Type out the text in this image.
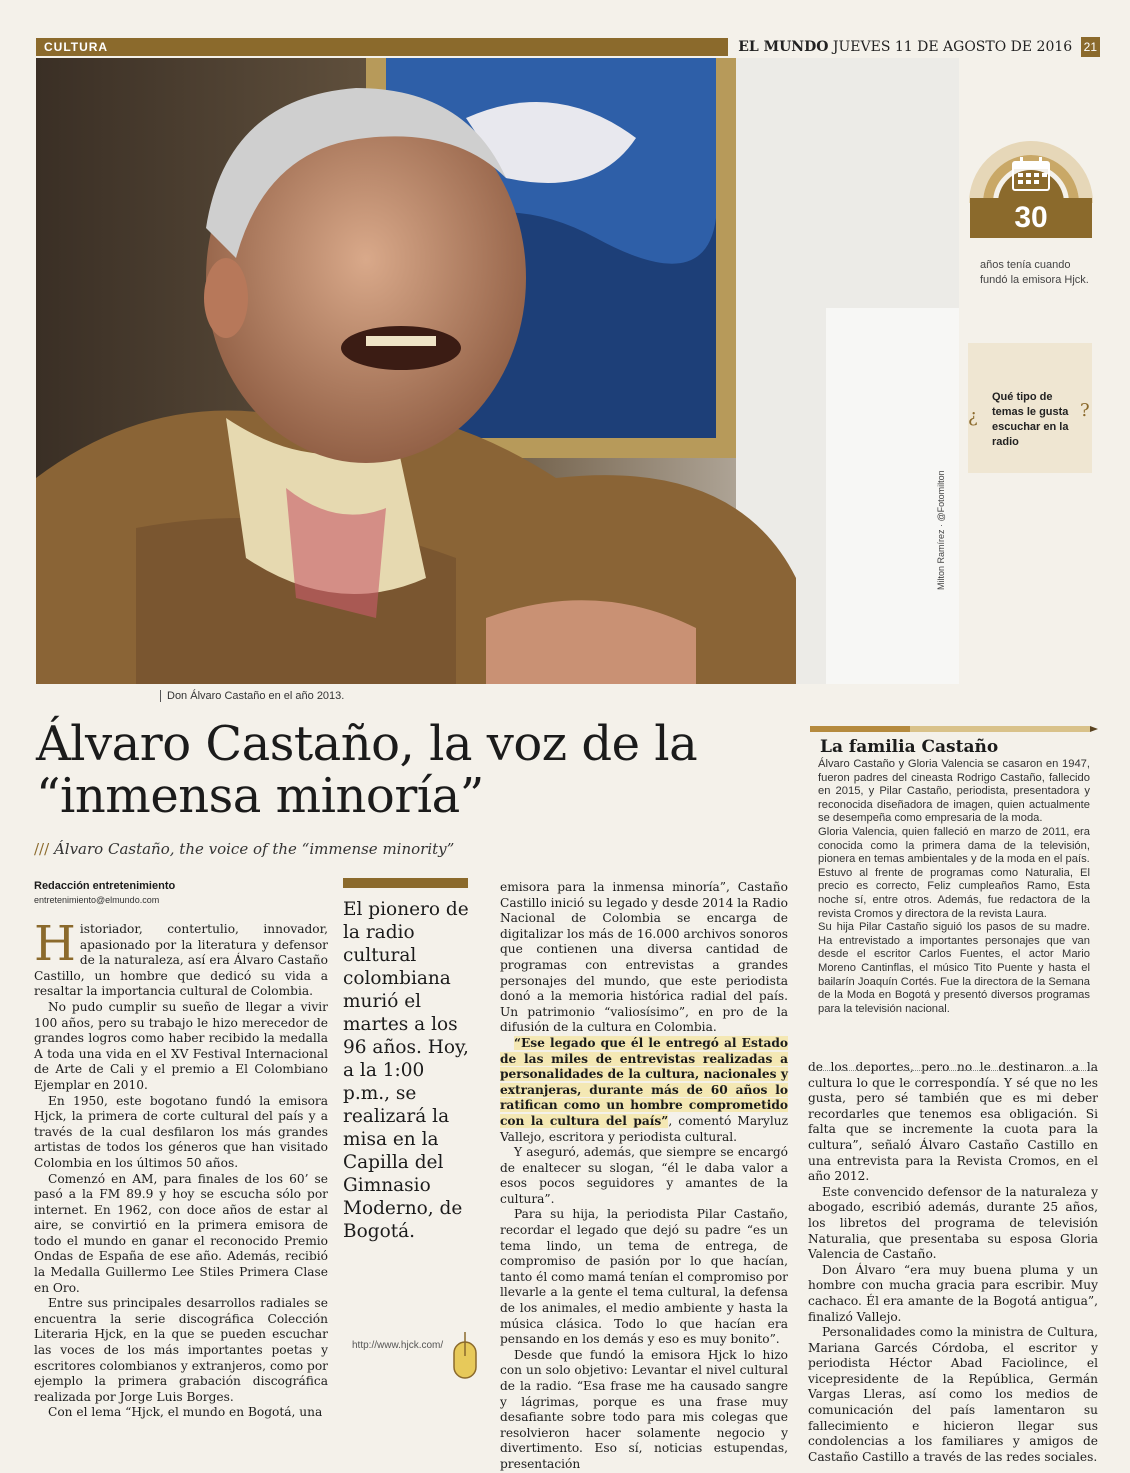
CULTURA	EL MUNDO JUEVES 11 DE AGOSTO DE 2016 21
Don Álvaro Castaño en el año 2013.
30
años tenía cuando fundó la emisora Hjck.
¿
Qué tipo de temas le gusta escuchar en la radio
?
Álvaro Castaño, la voz de la “inmensa minoría”
/// Álvaro Castaño, the voice of the “immense minority”
Redacción entretenimiento
entretenimiento@elmundo.com

Historiador, contertulio, innovador, apasionado por la literatura y defensor de la naturaleza, así era Álvaro Castaño Castillo, un hombre que dedicó su vida a resaltar la importancia cultural de Colombia.

No pudo cumplir su sueño de llegar a vivir 100 años, pero su trabajo le hizo merecedor de grandes logros como haber recibido la medalla A toda una vida en el XV Festival Internacional de Arte de Cali y el premio a El Colombiano Ejemplar en 2010.

En 1950, este bogotano fundó la emisora Hjck, la primera de corte cultural del país y a través de la cual desfilaron los más grandes artistas de todos los géneros que han visitado Colombia en los últimos 50 años.

Comenzó en AM, para finales de los 60’ se pasó a la FM 89.9 y hoy se escucha sólo por internet. En 1962, con doce años de estar al aire, se convirtió en la primera emisora de todo el mundo en ganar el reconocido Premio Ondas de España de ese año. Además, recibió la Medalla Guillermo Lee Stiles Primera Clase en Oro.

Entre sus principales desarrollos radiales se encuentra la serie discográfica Colección Literaria Hjck, en la que se pueden escuchar las voces de los más importantes poetas y escritores colombianos y extranjeros, como por ejemplo la primera grabación discográfica realizada por Jorge Luis Borges.

Con el lema “Hjck, el mundo en Bogotá, una

El pionero de la radio cultural colombiana murió el martes a los 96 años. Hoy, a la 1:00 p.m., se realizará la misa en la Capilla del Gimnasio Moderno, de Bogotá.
http://www.hjck.com/

emisora para la inmensa minoría”, Castaño Castillo inició su legado y desde 2014 la Radio Nacional de Colombia se encarga de digitalizar los más de 16.000 archivos sonoros que contienen una diversa cantidad de programas con entrevistas a grandes personajes del mundo, que este periodista donó a la memoria histórica radial del país. Un patrimonio “valiosísimo”, en pro de la difusión de la cultura en Colombia.

“Ese legado que él le entregó al Estado de las miles de entrevistas realizadas a personalidades de la cultura, nacionales y extranjeras, durante más de 60 años lo ratifican como un hombre comprometido con la cultura del país”, comentó Maryluz Vallejo, escritora y periodista cultural.

Y aseguró, además, que siempre se encargó de enaltecer su slogan, “él le daba valor a esos pocos seguidores y amantes de la cultura”.

Para su hija, la periodista Pilar Castaño, recordar el legado que dejó su padre “es un tema lindo, un tema de entrega, de compromiso de pasión por lo que hacían, tanto él como mamá tenían el compromiso por llevarle a la gente el tema cultural, la defensa de los animales, el medio ambiente y hasta la música clásica. Todo lo que hacían era pensando en los demás y eso es muy bonito”.

Desde que fundó la emisora Hjck lo hizo con un solo objetivo: Levantar el nivel cultural de la radio. “Esa frase me ha causado sangre y lágrimas, porque es una frase muy desafiante sobre todo para mis colegas que resolvieron hacer solamente negocio y divertimento. Eso sí, noticias estupendas, presentación

de los deportes, pero no le destinaron a la cultura lo que le correspondía. Y sé que no les gusta, pero sé también que es mi deber recordarles que tenemos esa obligación. Si falta que se incremente la cuota para la cultura”, señaló Álvaro Castaño Castillo en una entrevista para la Revista Cromos, en el año 2012.

Este convencido defensor de la naturaleza y abogado, escribió además, durante 25 años, los libretos del programa de televisión Naturalia, que presentaba su esposa Gloria Valencia de Castaño.

Don Álvaro “era muy buena pluma y un hombre con mucha gracia para escribir. Muy cachaco. Él era amante de la Bogotá antigua”, finalizó Vallejo.

Personalidades como la ministra de Cultura, Mariana Garcés Córdoba, el escritor y periodista Héctor Abad Faciolince, el vicepresidente de la República, Germán Vargas Lleras, así como los medios de comunicación del país lamentaron su fallecimiento e hicieron llegar sus condolencias a los familiares y amigos de Castaño Castillo a través de las redes sociales.

La familia Castaño

Álvaro Castaño y Gloria Valencia se casaron en 1947, fueron padres del cineasta Rodrigo Castaño, fallecido en 2015, y Pilar Castaño, periodista, presentadora y reconocida diseñadora de imagen, quien actualmente se desempeña como empresaria de la moda.

Gloria Valencia, quien falleció en marzo de 2011, era conocida como la primera dama de la televisión, pionera en temas ambientales y de la moda en el país.

Estuvo al frente de programas como Naturalia, El precio es correcto, Feliz cumpleaños Ramo, Esta noche sí, entre otros. Además, fue redactora de la revista Cromos y directora de la revista Laura.

Su hija Pilar Castaño siguió los pasos de su madre. Ha entrevistado a importantes personajes que van desde el escritor Carlos Fuentes, el actor Mario Moreno Cantinflas, el músico Tito Puente y hasta el bailarín Joaquín Cortés. Fue la directora de la Semana de la Moda en Bogotá y presentó diversos programas para la televisión nacional.
